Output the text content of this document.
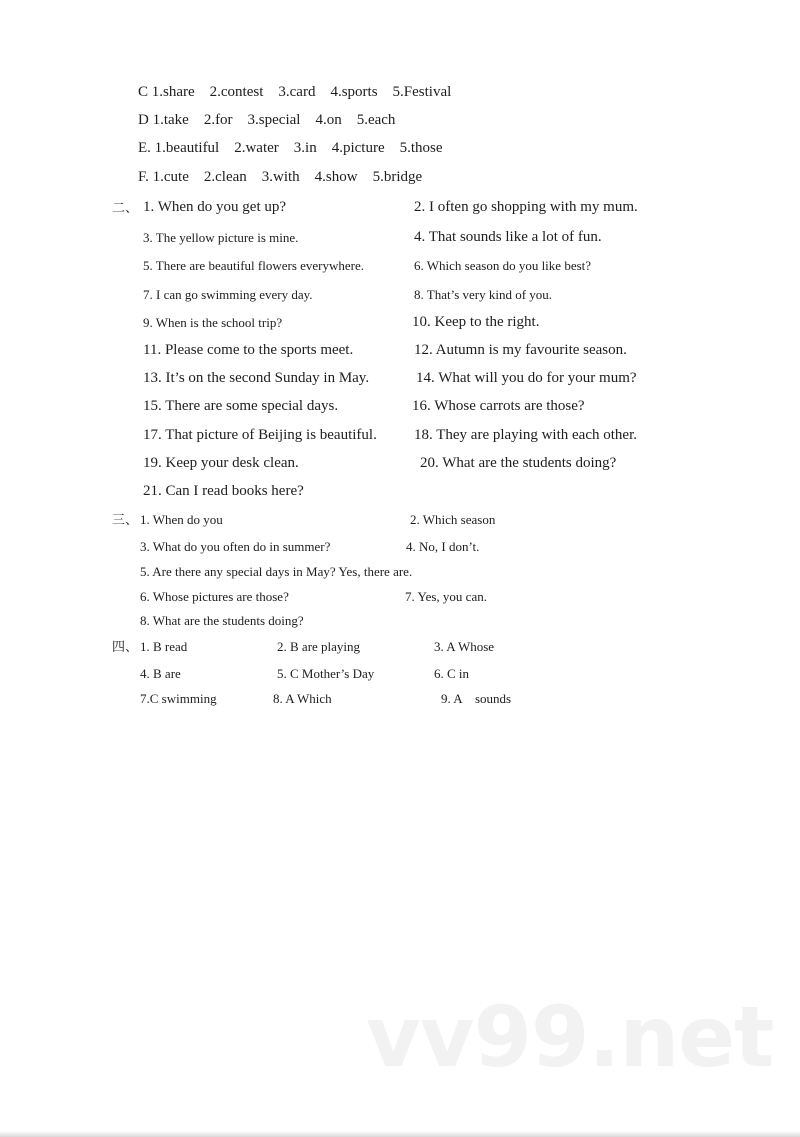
C 1.share    2.contest    3.card    4.sports    5.Festival
D 1.take    2.for    3.special    4.on    5.each
E. 1.beautiful    2.water    3.in    4.picture    5.those
F. 1.cute    2.clean    3.with    4.show    5.bridge
二、 1. When do you get up?	2. I often go shopping with my mum.
3. The yellow picture is mine.	4. That sounds like a lot of fun.
5. There are beautiful flowers everywhere.	6. Which season do you like best?
7. I can go swimming every day.	8. That’s very kind of you.
9. When is the school trip?	10. Keep to the right.
11. Please come to the sports meet.	12. Autumn is my favourite season.
13. It’s on the second Sunday in May.	14. What will you do for your mum?
15. There are some special days.	16. Whose carrots are those?
17. That picture of Beijing is beautiful. 18. They are playing with each other.
19. Keep your desk clean.	20. What are the students doing?
21. Can I read books here?
三、 1. When do you	2. Which season
3. What do you often do in summer?	4. No, I don’t.
5. Are there any special days in May? Yes, there are.
6. Whose pictures are those?	7. Yes, you can.
8. What are the students doing?
四、 1. B read	2. B are playing	3. A Whose
4. B are	5. C Mother’s Day	6. C in
7.C swimming	8. A Which	9. A    sounds
vv99.net
